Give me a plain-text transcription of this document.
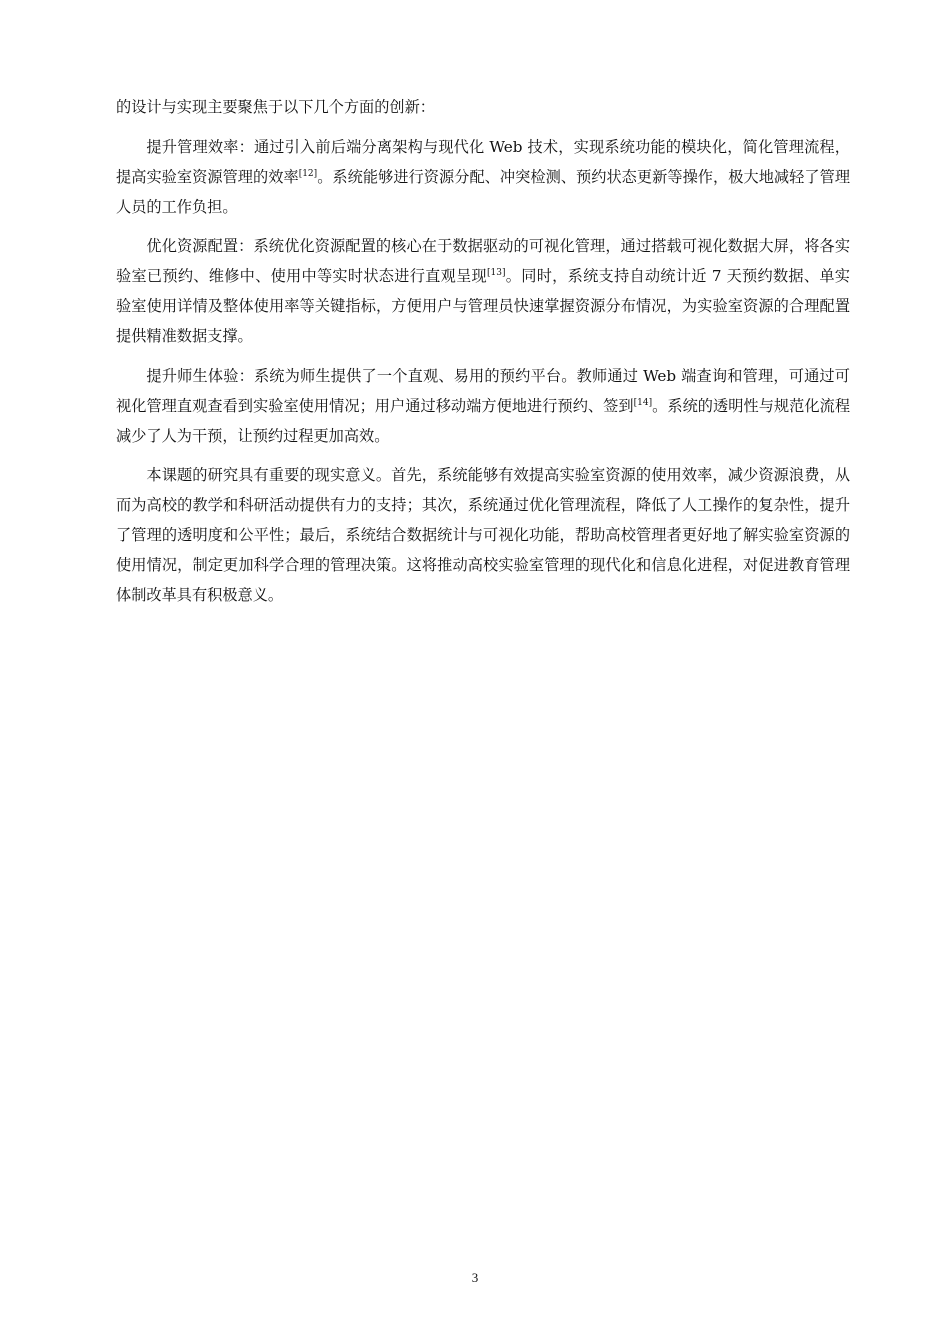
的设计与实现主要聚焦于以下几个方面的创新：

提升管理效率：通过引入前后端分离架构与现代化 Web 技术，实现系统功能的模块化，简化管理流程，提高实验室资源管理的效率[12]。系统能够进行资源分配、冲突检测、预约状态更新等操作，极大地减轻了管理人员的工作负担。

优化资源配置：系统优化资源配置的核心在于数据驱动的可视化管理，通过搭载可视化数据大屏，将各实验室已预约、维修中、使用中等实时状态进行直观呈现[13]。同时，系统支持自动统计近 7 天预约数据、单实验室使用详情及整体使用率等关键指标，方便用户与管理员快速掌握资源分布情况，为实验室资源的合理配置提供精准数据支撑。

提升师生体验：系统为师生提供了一个直观、易用的预约平台。教师通过 Web 端查询和管理，可通过可视化管理直观查看到实验室使用情况；用户通过移动端方便地进行预约、签到[14]。系统的透明性与规范化流程减少了人为干预，让预约过程更加高效。

本课题的研究具有重要的现实意义。首先，系统能够有效提高实验室资源的使用效率，减少资源浪费，从而为高校的教学和科研活动提供有力的支持；其次，系统通过优化管理流程，降低了人工操作的复杂性，提升了管理的透明度和公平性；最后，系统结合数据统计与可视化功能，帮助高校管理者更好地了解实验室资源的使用情况，制定更加科学合理的管理决策。这将推动高校实验室管理的现代化和信息化进程，对促进教育管理体制改革具有积极意义。

3
